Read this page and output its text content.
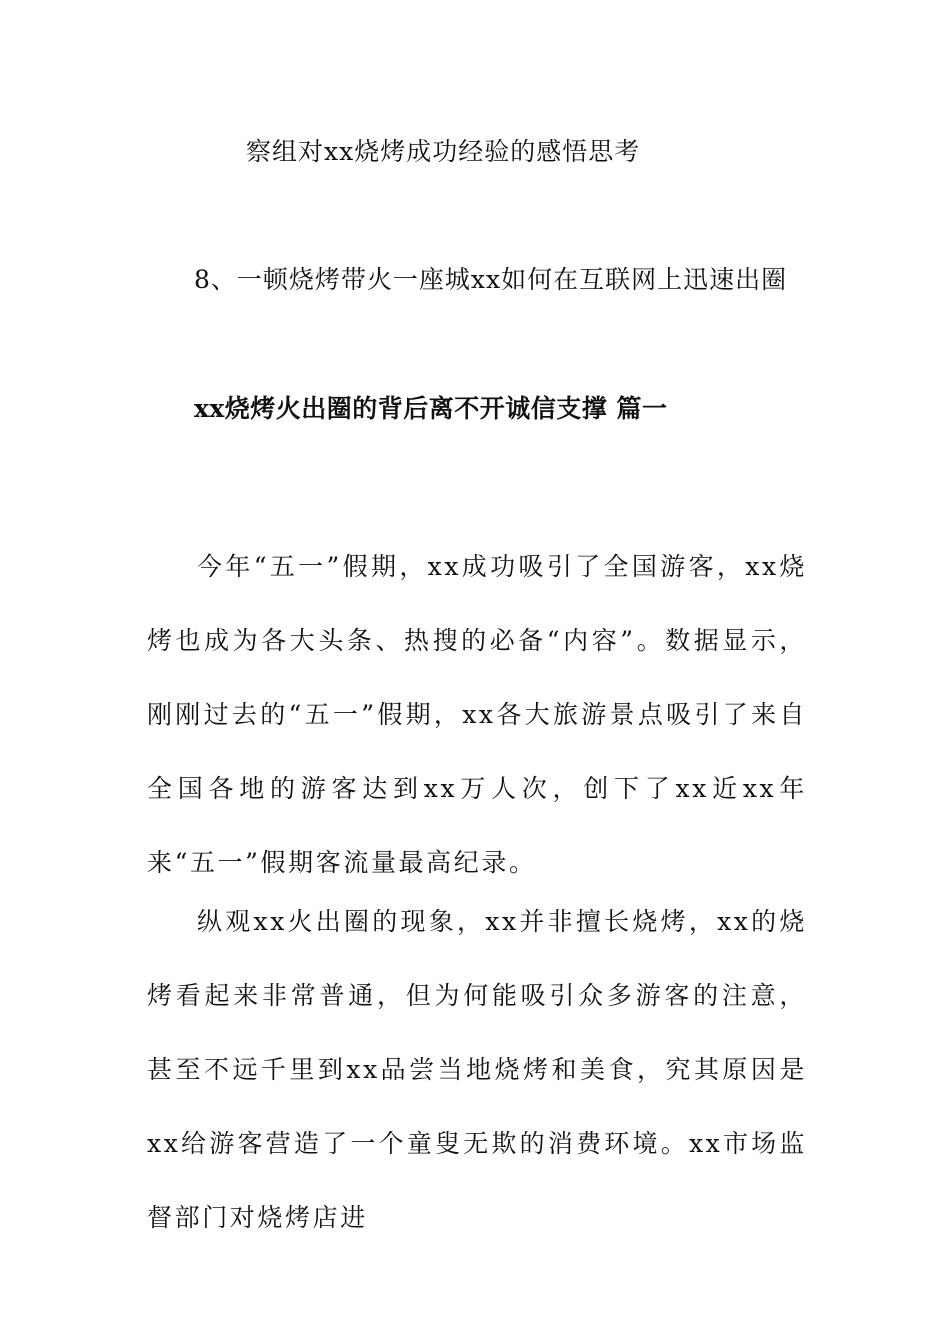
察组对xx烧烤成功经验的感悟思考
8、一顿烧烤带火一座城xx如何在互联网上迅速出圈
xx烧烤火出圈的背后离不开诚信支撑 篇一

今年“五一”假期，xx成功吸引了全国游客，xx烧烤也成为各大头条、热搜的必备“内容”。数据显示，刚刚过去的“五一”假期，xx各大旅游景点吸引了来自全国各地的游客达到xx万人次，创下了xx近xx年来“五一”假期客流量最高纪录。

纵观xx火出圈的现象，xx并非擅长烧烤，xx的烧烤看起来非常普通，但为何能吸引众多游客的注意，甚至不远千里到xx品尝当地烧烤和美食，究其原因是xx给游客营造了一个童叟无欺的消费环境。xx市场监督部门对烧烤店进
